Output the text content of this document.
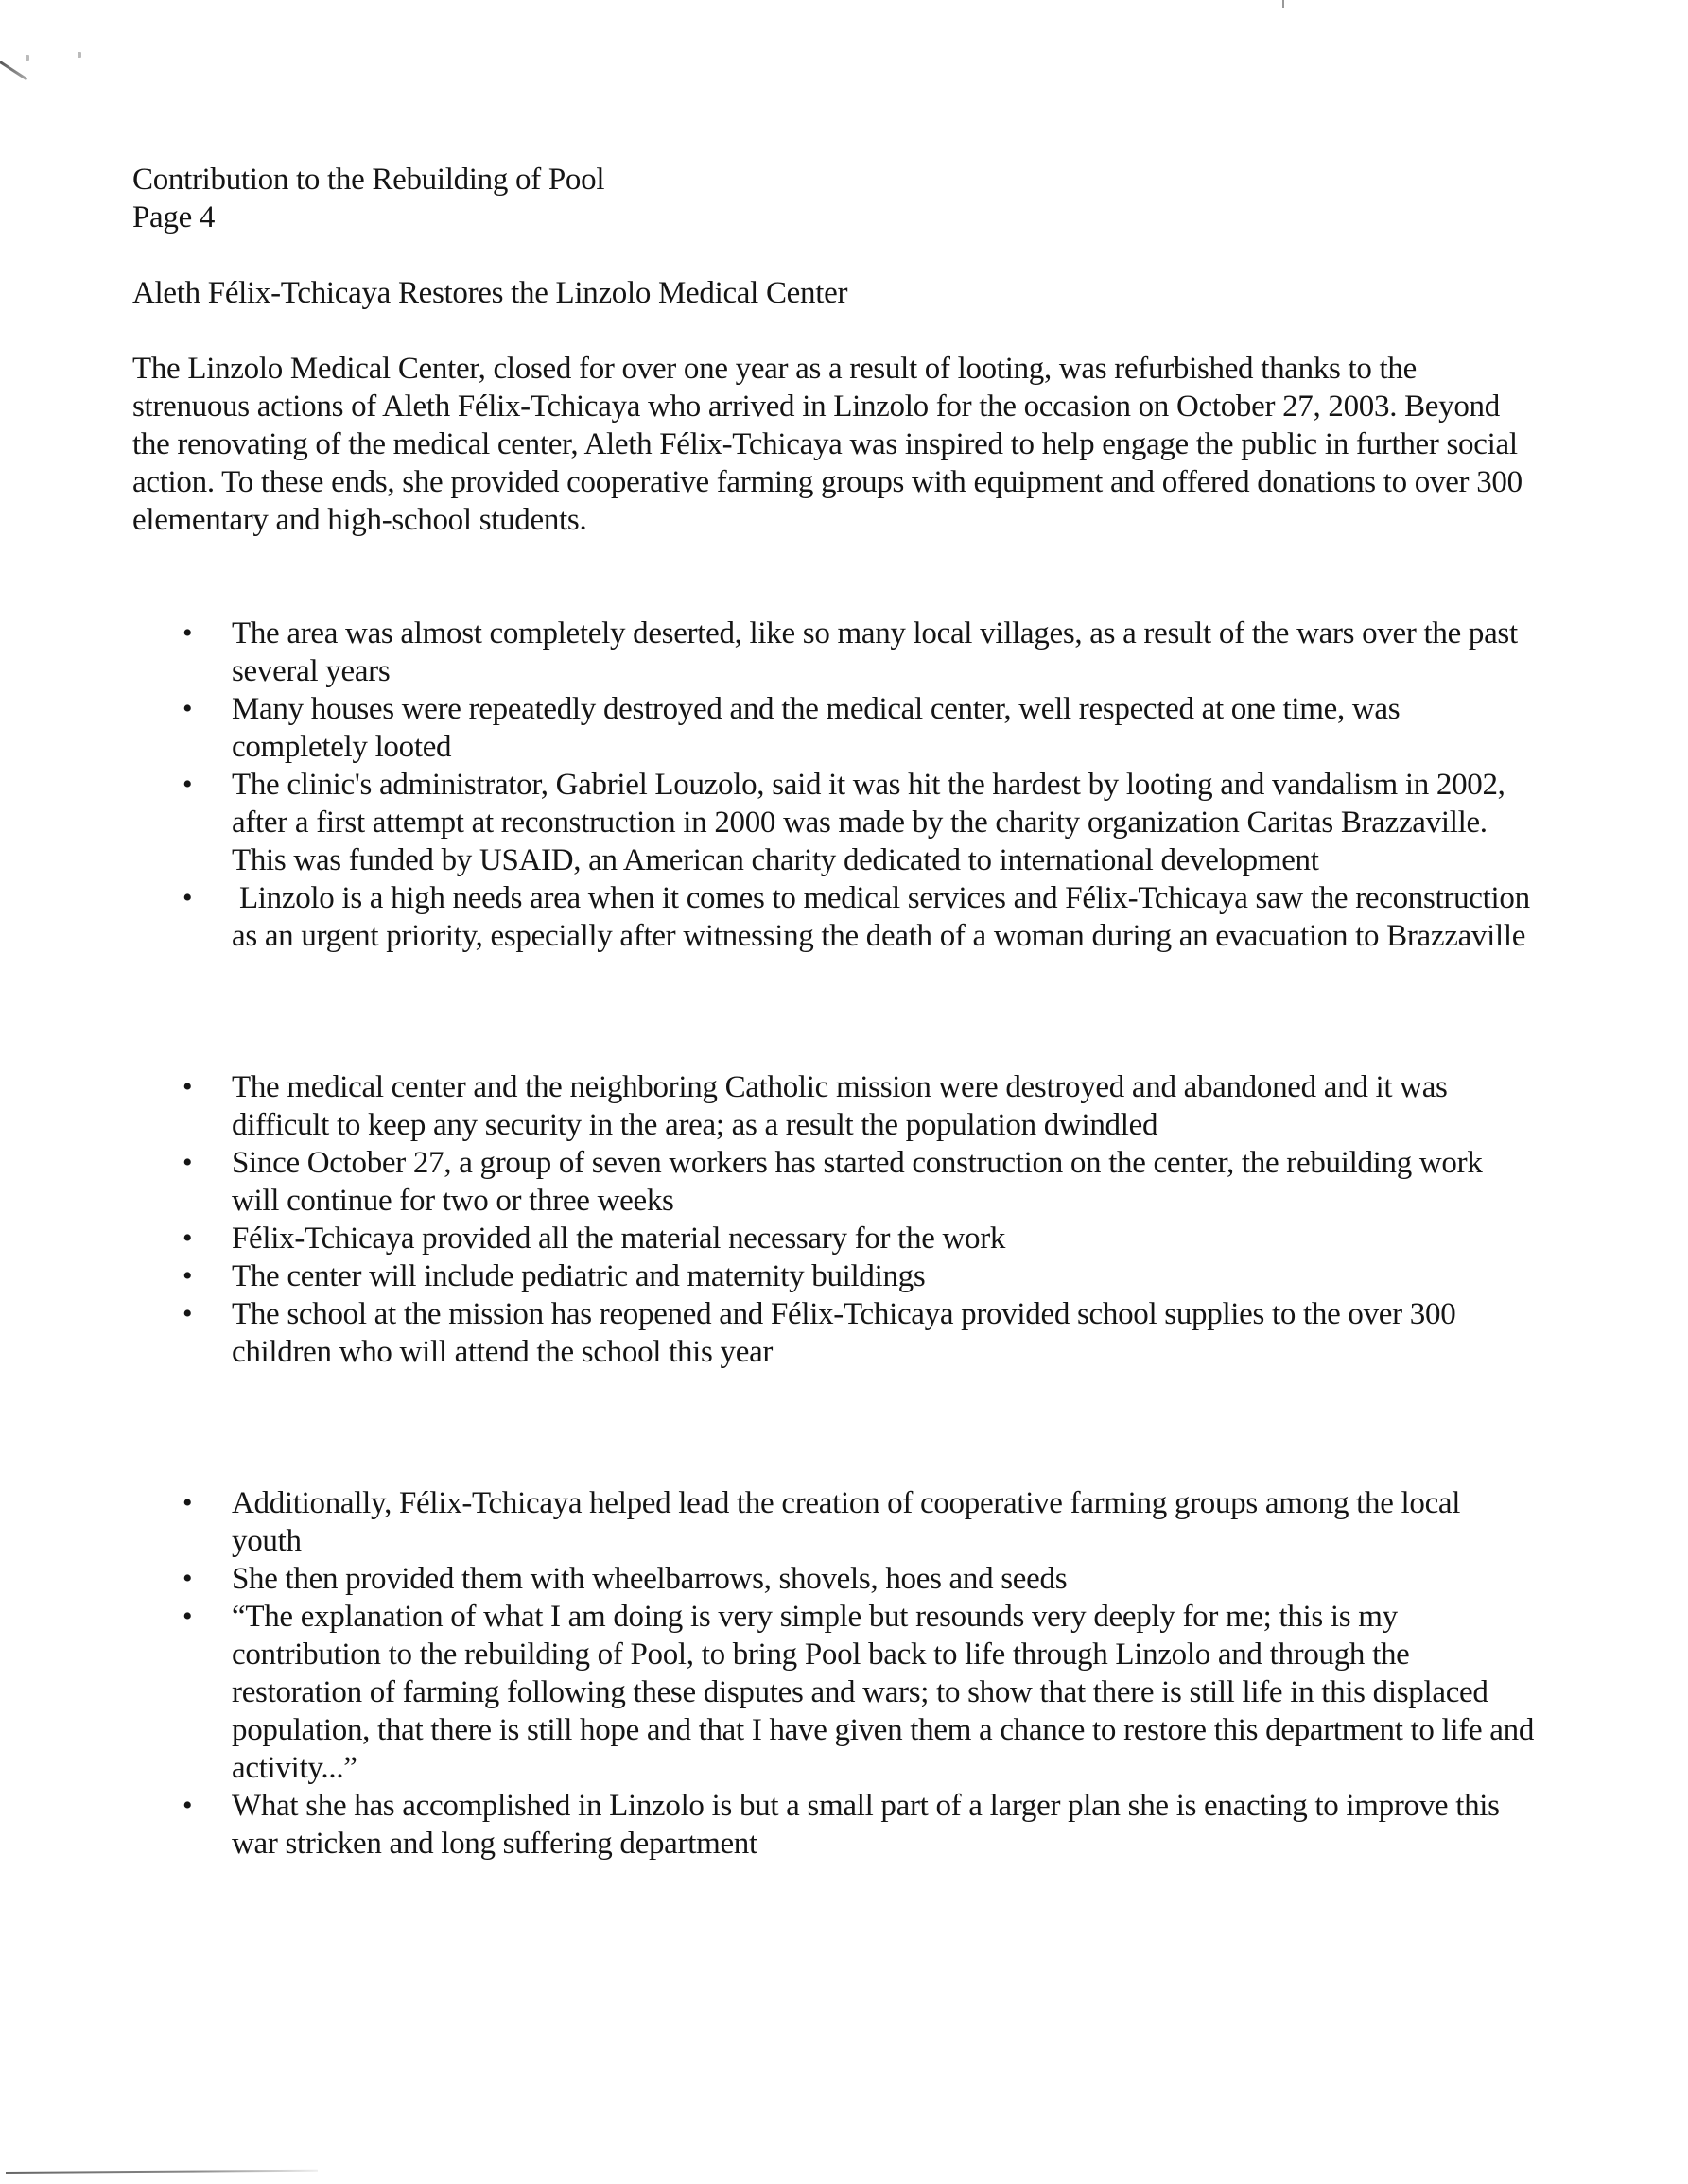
Contribution to the Rebuilding of Pool

Page 4

Aleth Félix-Tchicaya Restores the Linzolo Medical Center

The Linzolo Medical Center, closed for over one year as a result of looting, was refurbished thanks to the strenuous actions of Aleth Félix-Tchicaya who arrived in Linzolo for the occasion on October 27, 2003. Beyond the renovating of the medical center, Aleth Félix-Tchicaya was inspired to help engage the public in further social action. To these ends, she provided cooperative farming groups with equipment and offered donations to over 300 elementary and high-school students.

• The area was almost completely deserted, like so many local villages, as a result of the wars over the past several years
• Many houses were repeatedly destroyed and the medical center, well respected at one time, was completely looted
• The clinic's administrator, Gabriel Louzolo, said it was hit the hardest by looting and vandalism in 2002, after a first attempt at reconstruction in 2000 was made by the charity organization Caritas Brazzaville. This was funded by USAID, an American charity dedicated to international development
• Linzolo is a high needs area when it comes to medical services and Félix-Tchicaya saw the reconstruction as an urgent priority, especially after witnessing the death of a woman during an evacuation to Brazzaville
• The medical center and the neighboring Catholic mission were destroyed and abandoned and it was difficult to keep any security in the area; as a result the population dwindled
• Since October 27, a group of seven workers has started construction on the center, the rebuilding work will continue for two or three weeks
• Félix-Tchicaya provided all the material necessary for the work
• The center will include pediatric and maternity buildings
• The school at the mission has reopened and Félix-Tchicaya provided school supplies to the over 300 children who will attend the school this year
• Additionally, Félix-Tchicaya helped lead the creation of cooperative farming groups among the local youth
• She then provided them with wheelbarrows, shovels, hoes and seeds
• “The explanation of what I am doing is very simple but resounds very deeply for me; this is my contribution to the rebuilding of Pool, to bring Pool back to life through Linzolo and through the restoration of farming following these disputes and wars; to show that there is still life in this displaced population, that there is still hope and that I have given them a chance to restore this department to life and activity...”
• What she has accomplished in Linzolo is but a small part of a larger plan she is enacting to improve this war stricken and long suffering department
